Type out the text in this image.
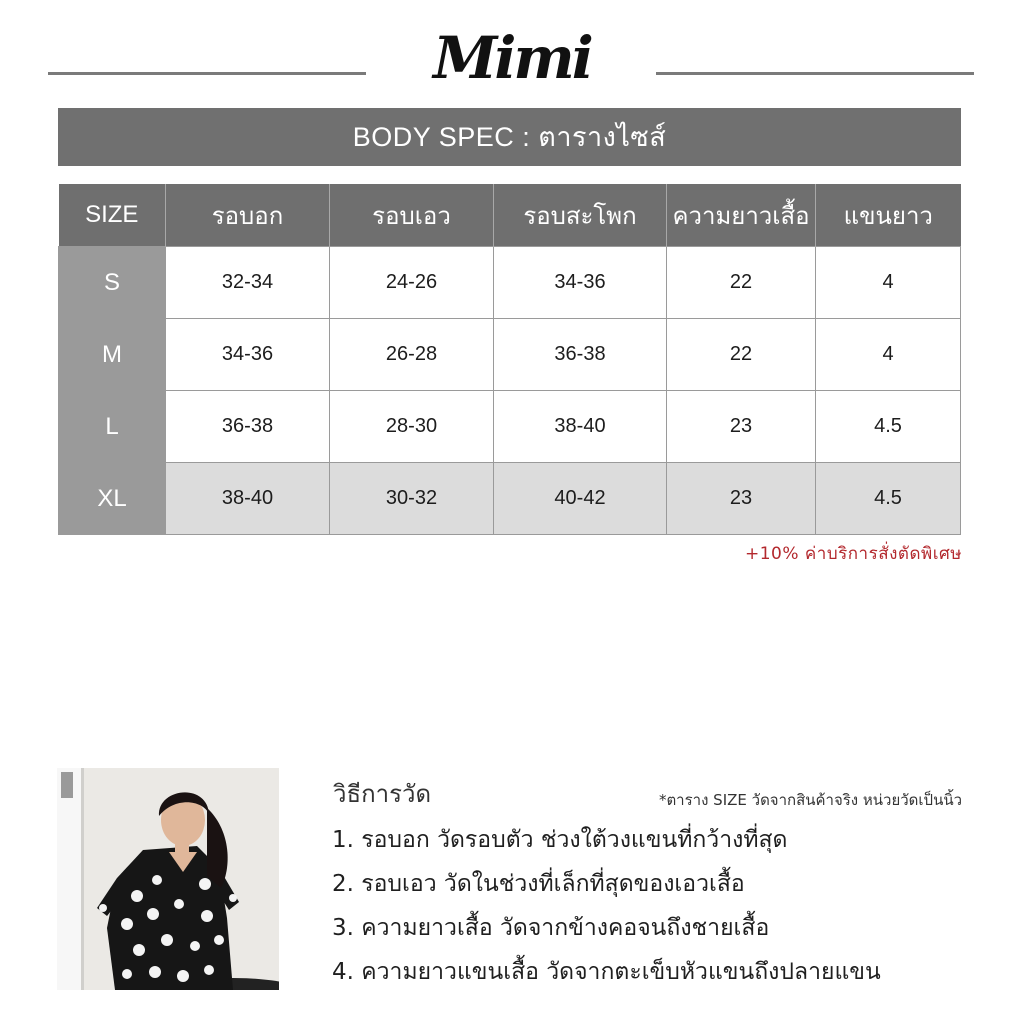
Mimi
BODY SPEC : ตารางไซส์
SIZE	รอบอก	รอบเอว	รอบสะโพก	ความยาวเสื้อ	แขนยาว
S	32-34	24-26	34-36	22	4
M	34-36	26-28	36-38	22	4
L	36-38	28-30	38-40	23	4.5
XL	38-40	30-32	40-42	23	4.5
+10% ค่าบริการสั่งตัดพิเศษ
วิธีการวัด	*ตาราง SIZE วัดจากสินค้าจริง หน่วยวัดเป็นนิ้ว
1. รอบอก วัดรอบตัว ช่วงใต้วงแขนที่กว้างที่สุด
2. รอบเอว วัดในช่วงที่เล็กที่สุดของเอวเสื้อ
3. ความยาวเสื้อ วัดจากข้างคอจนถึงชายเสื้อ
4. ความยาวแขนเสื้อ วัดจากตะเข็บหัวแขนถึงปลายแขน
